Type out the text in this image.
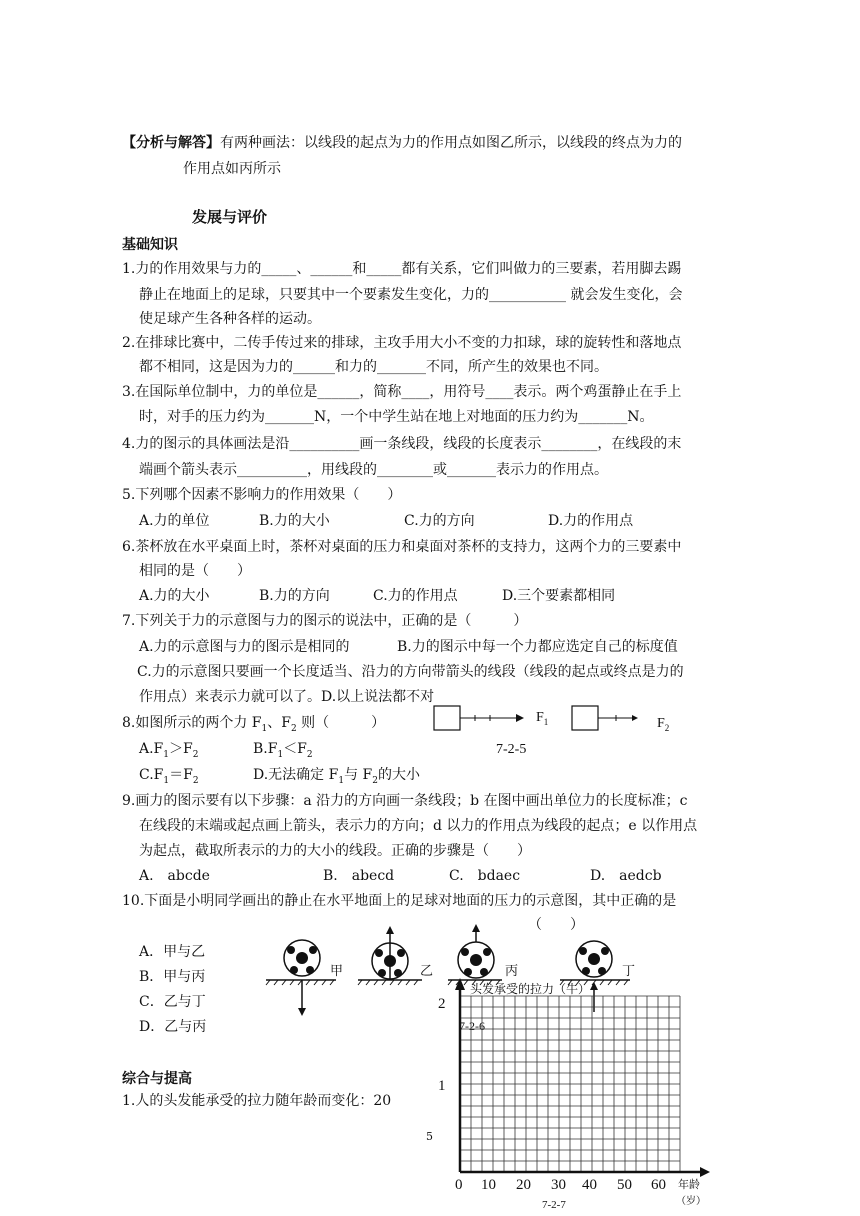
【分析与解答】有两种画法：以线段的起点为力的作用点如图乙所示，以线段的终点为力的
作用点如丙所示
发展与评价
基础知识
1.力的作用效果与力的_____、______和_____都有关系，它们叫做力的三要素，若用脚去踢
静止在地面上的足球，只要其中一个要素发生变化，力的___________ 就会发生变化，会
使足球产生各种各样的运动。
2.在排球比赛中，二传手传过来的排球，主攻手用大小不变的力扣球，球的旋转性和落地点
都不相同，这是因为力的______和力的_______不同，所产生的效果也不同。
3.在国际单位制中，力的单位是______，简称____，用符号____表示。两个鸡蛋静止在手上
时，对手的压力约为_______N，一个中学生站在地上对地面的压力约为_______N。
4.力的图示的具体画法是沿__________画一条线段，线段的长度表示________，在线段的末
端画个箭头表示__________，用线段的________或_______表示力的作用点。
5.下列哪个因素不影响力的作用效果（　　）
A.力的单位	B.力的大小	C.力的方向	D.力的作用点
6.茶杯放在水平桌面上时，茶杯对桌面的压力和桌面对茶杯的支持力，这两个力的三要素中
相同的是（　　）
A.力的大小	B.力的方向	C.力的作用点	D.三个要素都相同
7.下列关于力的示意图与力的图示的说法中，正确的是（　　　）
A.力的示意图与力的图示是相同的	B.力的图示中每一个力都应选定自己的标度值
C.力的示意图只要画一个长度适当、沿力的方向带箭头的线段（线段的起点或终点是力的
作用点）来表示力就可以了。D.以上说法都不对
8.如图所示的两个力 $F_1$、$F_2$ 则（　　　）
$A.F_1>F_2$	$B.F_1<F_2$
$C.F_1=F_2$	D.无法确定 $F_1$与 $F_2$的大小
7-2-5
$F_1$	$F_2$
9.画力的图示要有以下步骤：a 沿力的方向画一条线段；b 在图中画出单位力的长度标准；c
在线段的末端或起点画上箭头，表示力的方向；d 以力的作用点为线段的起点；e 以作用点
为起点，截取所表示的力的大小的线段。正确的步骤是（　　）
A.　abcde	B.　abecd	C.　bdaec	D.　aedcb
10.下面是小明同学画出的静止在水平地面上的足球对地面的压力的示意图，其中正确的是
（　　）
A．甲与乙
B．甲与丙
C．乙与丁
D．乙与丙
甲	乙	丙	丁
综合与提高
1.人的头发能承受的拉力随年龄而变化：20
5
头发承受的拉力（牛）
2
1
7-2-6
7-2-7
年龄
（岁）
0 10 20 30 40 50 60
